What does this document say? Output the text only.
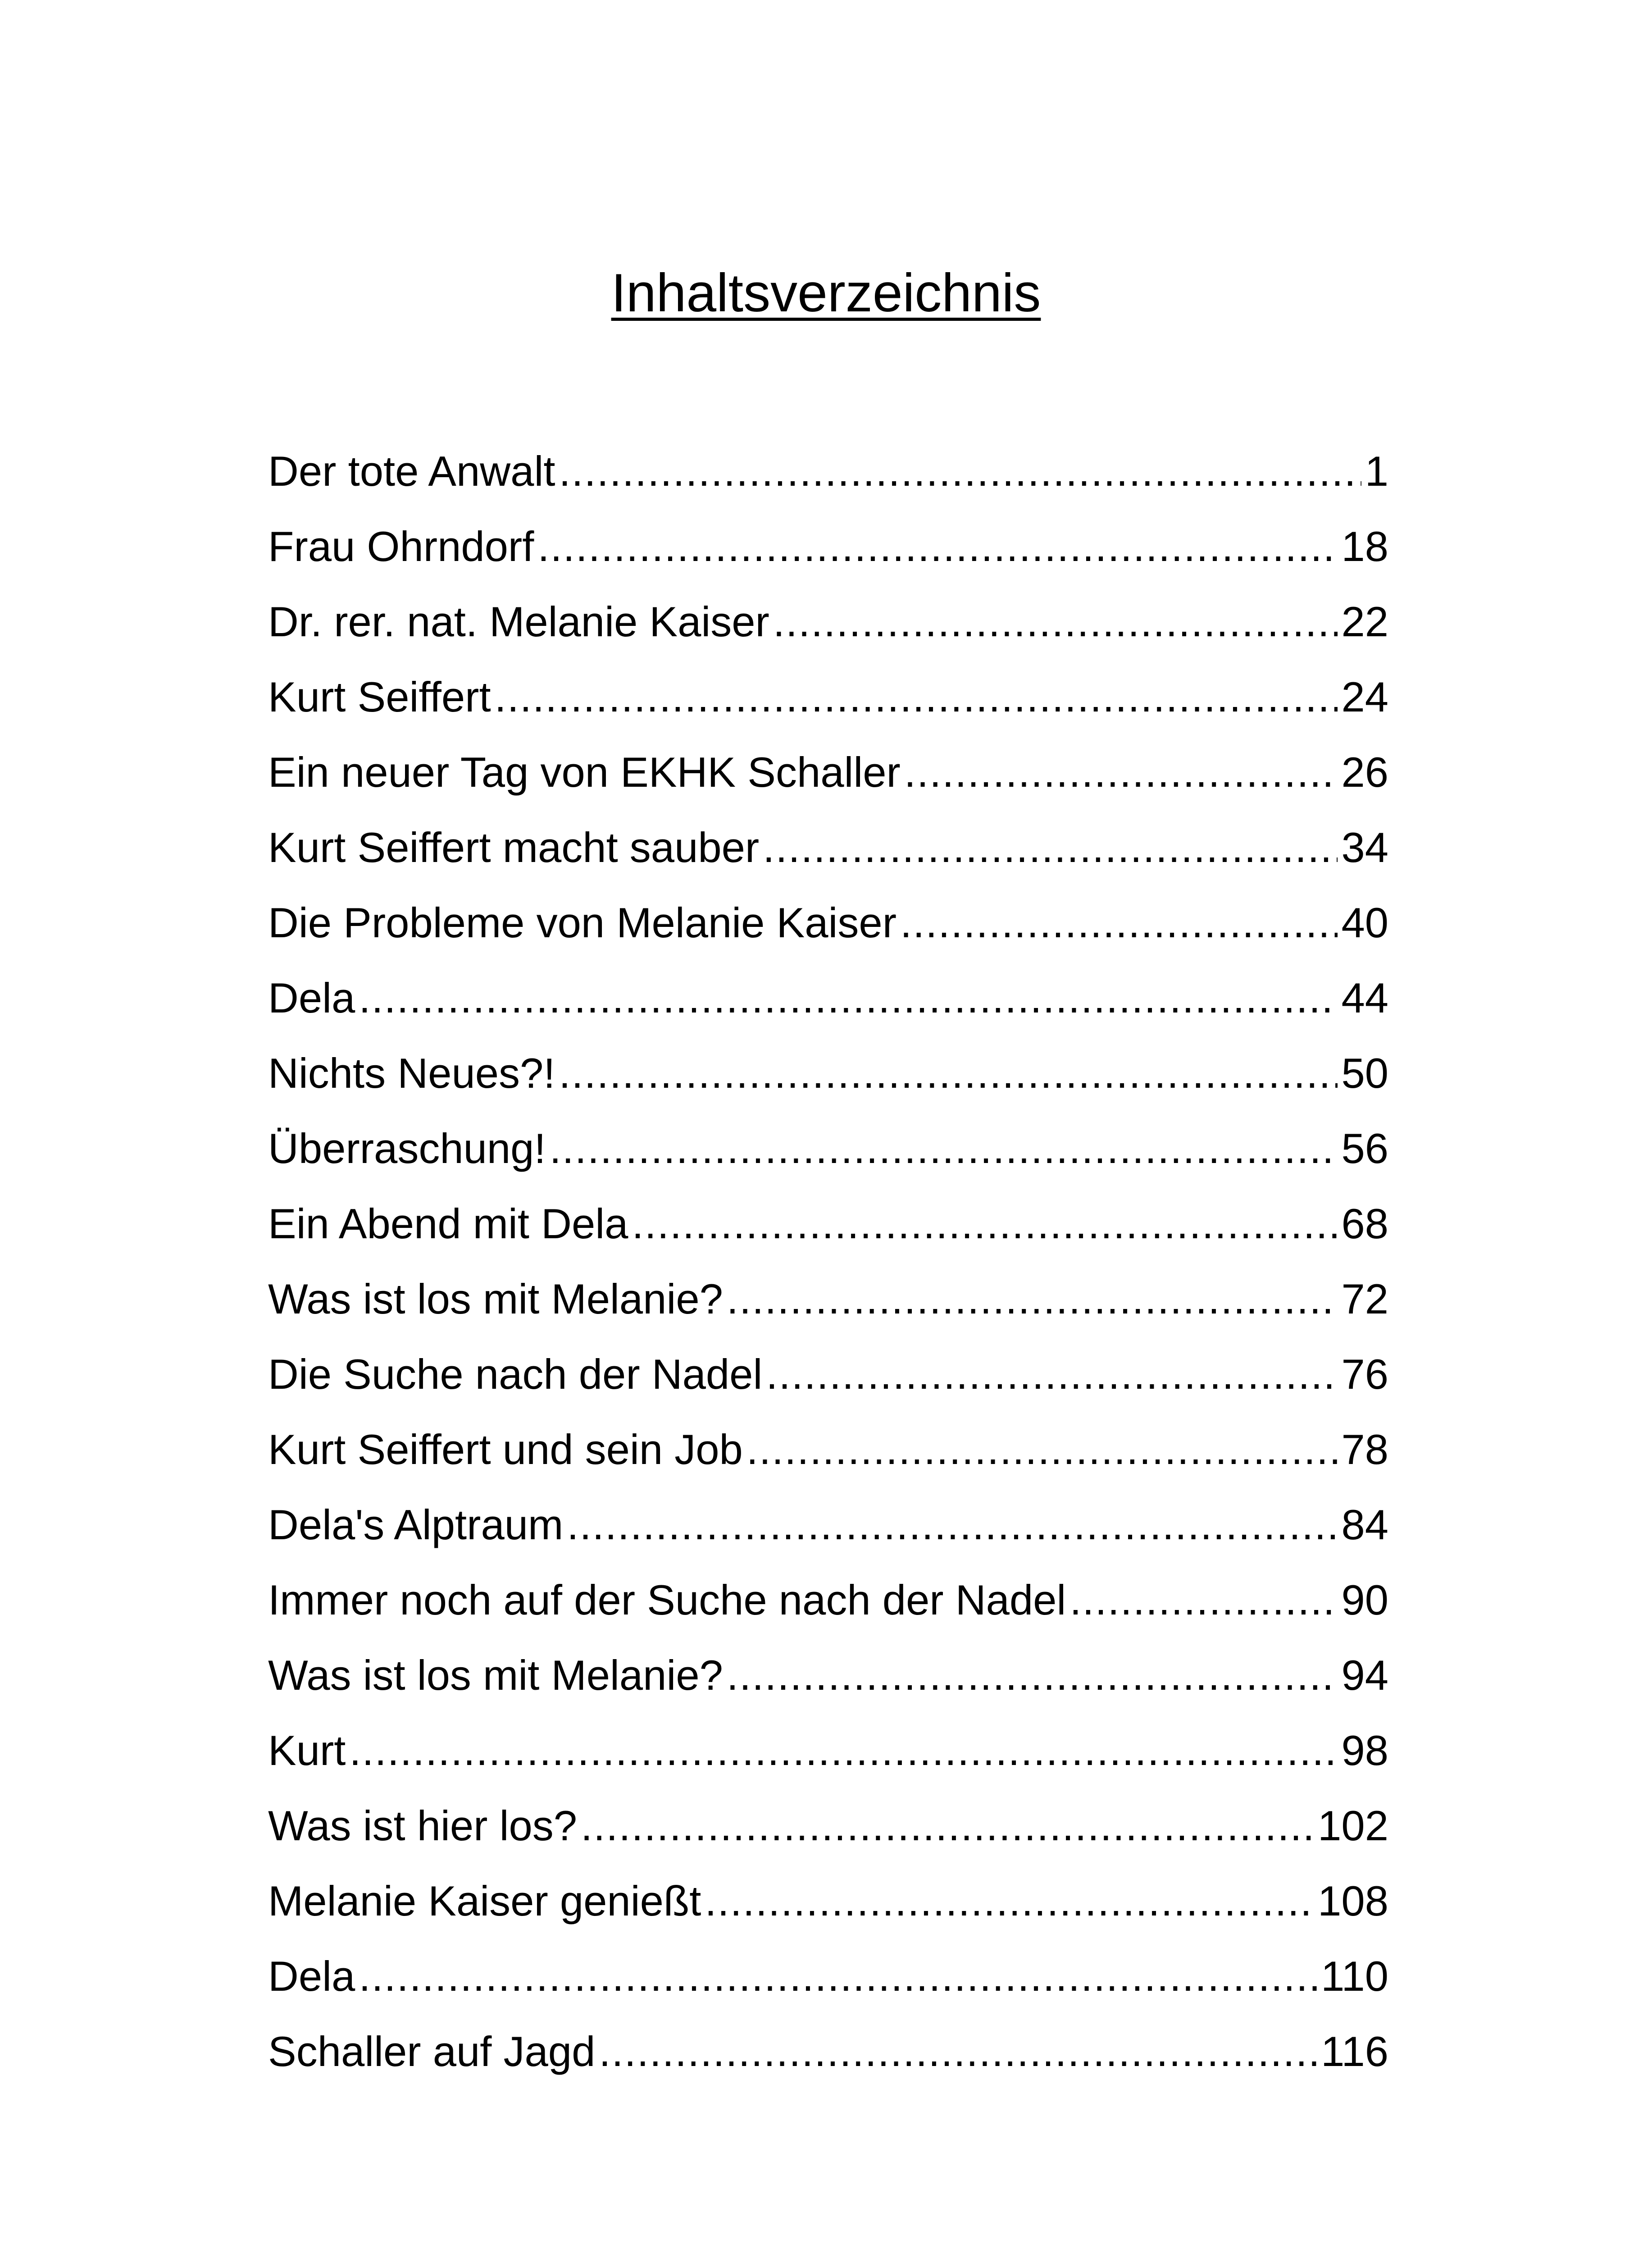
Inhaltsverzeichnis
Der tote Anwalt .....	1
Frau Ohrndorf .....	18
Dr. rer. nat. Melanie Kaiser .....	22
Kurt Seiffert .....	24
Ein neuer Tag von EKHK Schaller .....	26
Kurt Seiffert macht sauber .....	34
Die Probleme von Melanie Kaiser .....	40
Dela .....	44
Nichts Neues?! .....	50
Überraschung! .....	56
Ein Abend mit Dela .....	68
Was ist los mit Melanie? .....	72
Die Suche nach der Nadel .....	76
Kurt Seiffert und sein Job .....	78
Dela's Alptraum .....	84
Immer noch auf der Suche nach der Nadel .....	90
Was ist los mit Melanie? .....	94
Kurt .....	98
Was ist hier los? .....	102
Melanie Kaiser genießt .....	108
Dela .....	110
Schaller auf Jagd .....	116
